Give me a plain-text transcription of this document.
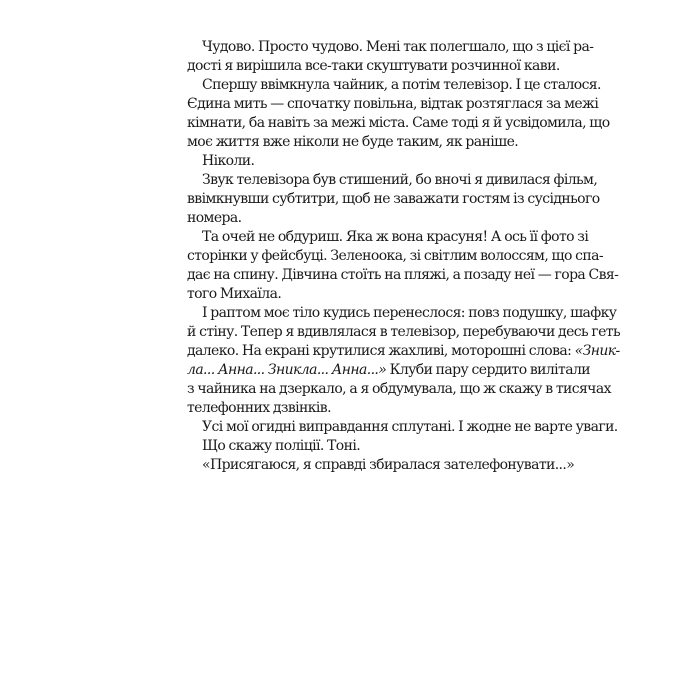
Чудово. Просто чудово. Мені так полегшало, що з цієї ра-
дості я вирішила все-таки скуштувати розчинної кави.
Спершу ввімкнула чайник, а потім телевізор. І це сталося.
Єдина мить — спочатку повільна, відтак розтяглася за межі
кімнати, ба навіть за межі міста. Саме тоді я й усвідомила, що
моє життя вже ніколи не буде таким, як раніше.
Ніколи.
Звук телевізора був стишений, бо вночі я дивилася фільм,
ввімкнувши субтитри, щоб не заважати гостям із сусіднього
номера.
Та очей не обдуриш. Яка ж вона красуня! А ось її фото зі
сторінки у фейсбуці. Зеленоока, зі світлим волоссям, що спа-
дає на спину. Дівчина стоїть на пляжі, а позаду неї — гора Свя-
того Михаїла.
І раптом моє тіло кудись перенеслося: повз подушку, шафку
й стіну. Тепер я вдивлялася в телевізор, перебуваючи десь геть
далеко. На екрані крутилися жахливі, моторошні слова: «Зник-
ла... Анна... Зникла... Анна...» Клуби пару сердито вилітали
з чайника на дзеркало, а я обдумувала, що ж скажу в тисячах
телефонних дзвінків.
Усі мої огидні виправдання сплутані. І жодне не варте уваги.
Що скажу поліції. Тоні.
«Присягаюся, я справді збиралася зателефонувати...»
